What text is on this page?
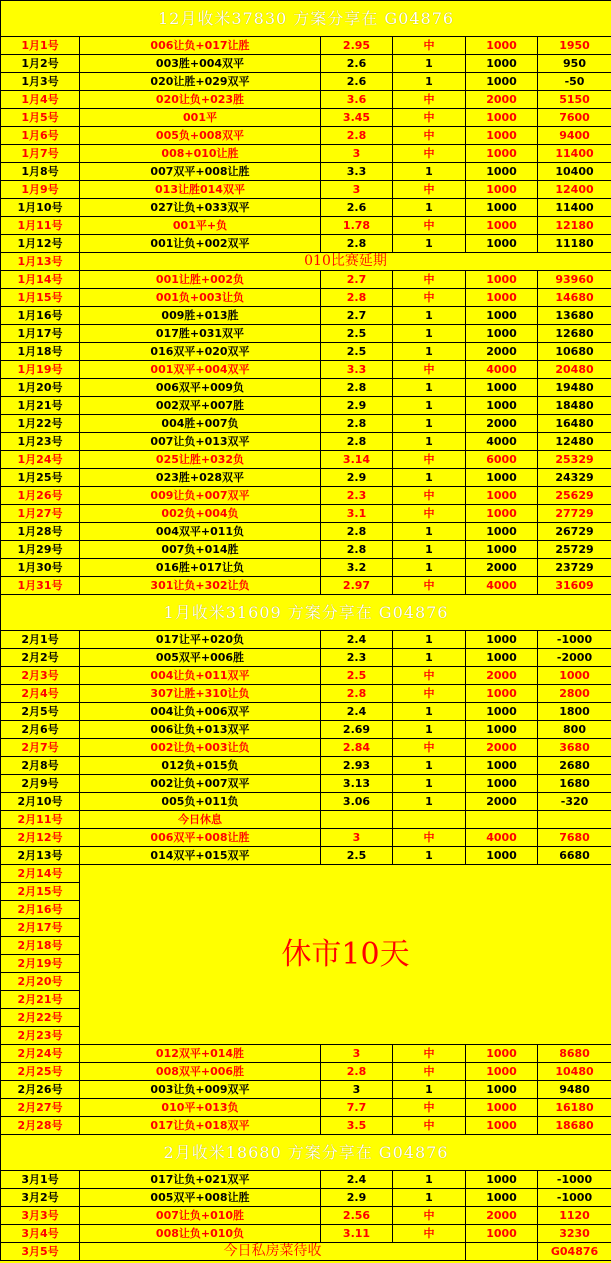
12月收米37830 方案分享在 G04876					
1月1号	006让负+017让胜	2.95	中	1000	1950
1月2号	003胜+004双平	2.6	1	1000	950
1月3号	020让胜+029双平	2.6	1	1000	-50
1月4号	020让负+023胜	3.6	中	2000	5150
1月5号	001平	3.45	中	1000	7600
1月6号	005负+008双平	2.8	中	1000	9400
1月7号	008+010让胜	3	中	1000	11400
1月8号	007双平+008让胜	3.3	1	1000	10400
1月9号	013让胜014双平	3	中	1000	12400
1月10号	027让负+033双平	2.6	1	1000	11400
1月11号	001平+负	1.78	中	1000	12180
1月12号	001让负+002双平	2.8	1	1000	11180
1月13号	010比赛延期				
1月14号	001让胜+002负	2.7	中	1000	93960
1月15号	001负+003让负	2.8	中	1000	14680
1月16号	009胜+013胜	2.7	1	1000	13680
1月17号	017胜+031双平	2.5	1	1000	12680
1月18号	016双平+020双平	2.5	1	2000	10680
1月19号	001双平+004双平	3.3	中	4000	20480
1月20号	006双平+009负	2.8	1	1000	19480
1月21号	002双平+007胜	2.9	1	1000	18480
1月22号	004胜+007负	2.8	1	2000	16480
1月23号	007让负+013双平	2.8	1	4000	12480
1月24号	025让胜+032负	3.14	中	6000	25329
1月25号	023胜+028双平	2.9	1	1000	24329
1月26号	009让负+007双平	2.3	中	1000	25629
1月27号	002负+004负	3.1	中	1000	27729
1月28号	004双平+011负	2.8	1	1000	26729
1月29号	007负+014胜	2.8	1	1000	25729
1月30号	016胜+017让负	3.2	1	2000	23729
1月31号	301让负+302让负	2.97	中	4000	31609
1月收米31609 方案分享在 G04876					
2月1号	017让平+020负	2.4	1	1000	-1000
2月2号	005双平+006胜	2.3	1	1000	-2000
2月3号	004让负+011双平	2.5	中	2000	1000
2月4号	307让胜+310让负	2.8	中	1000	2800
2月5号	004让负+006双平	2.4	1	1000	1800
2月6号	006让负+013双平	2.69	1	1000	800
2月7号	002让负+003让负	2.84	中	2000	3680
2月8号	012负+015负	2.93	1	1000	2680
2月9号	002让负+007双平	3.13	1	1000	1680
2月10号	005负+011负	3.06	1	2000	-320
2月11号	今日休息				
2月12号	006双平+008让胜	3	中	4000	7680
2月13号	014双平+015双平	2.5	1	1000	6680
2月14号	休市10天				
2月15号					
2月16号					
2月17号					
2月18号					
2月19号					
2月20号					
2月21号					
2月22号					
2月23号					
2月24号	012双平+014胜	3	中	1000	8680
2月25号	008双平+006胜	2.8	中	1000	10480
2月26号	003让负+009双平	3	1	1000	9480
2月27号	010平+013负	7.7	中	1000	16180
2月28号	017让负+018双平	3.5	中	1000	18680
2月收米18680 方案分享在 G04876					
3月1号	017让负+021双平	2.4	1	1000	-1000
3月2号	005双平+008让胜	2.9	1	1000	-1000
3月3号	007让负+010胜	2.56	中	2000	1120
3月4号	008让负+010负	3.11	中	1000	3230
3月5号	今日私房菜待收				G04876
